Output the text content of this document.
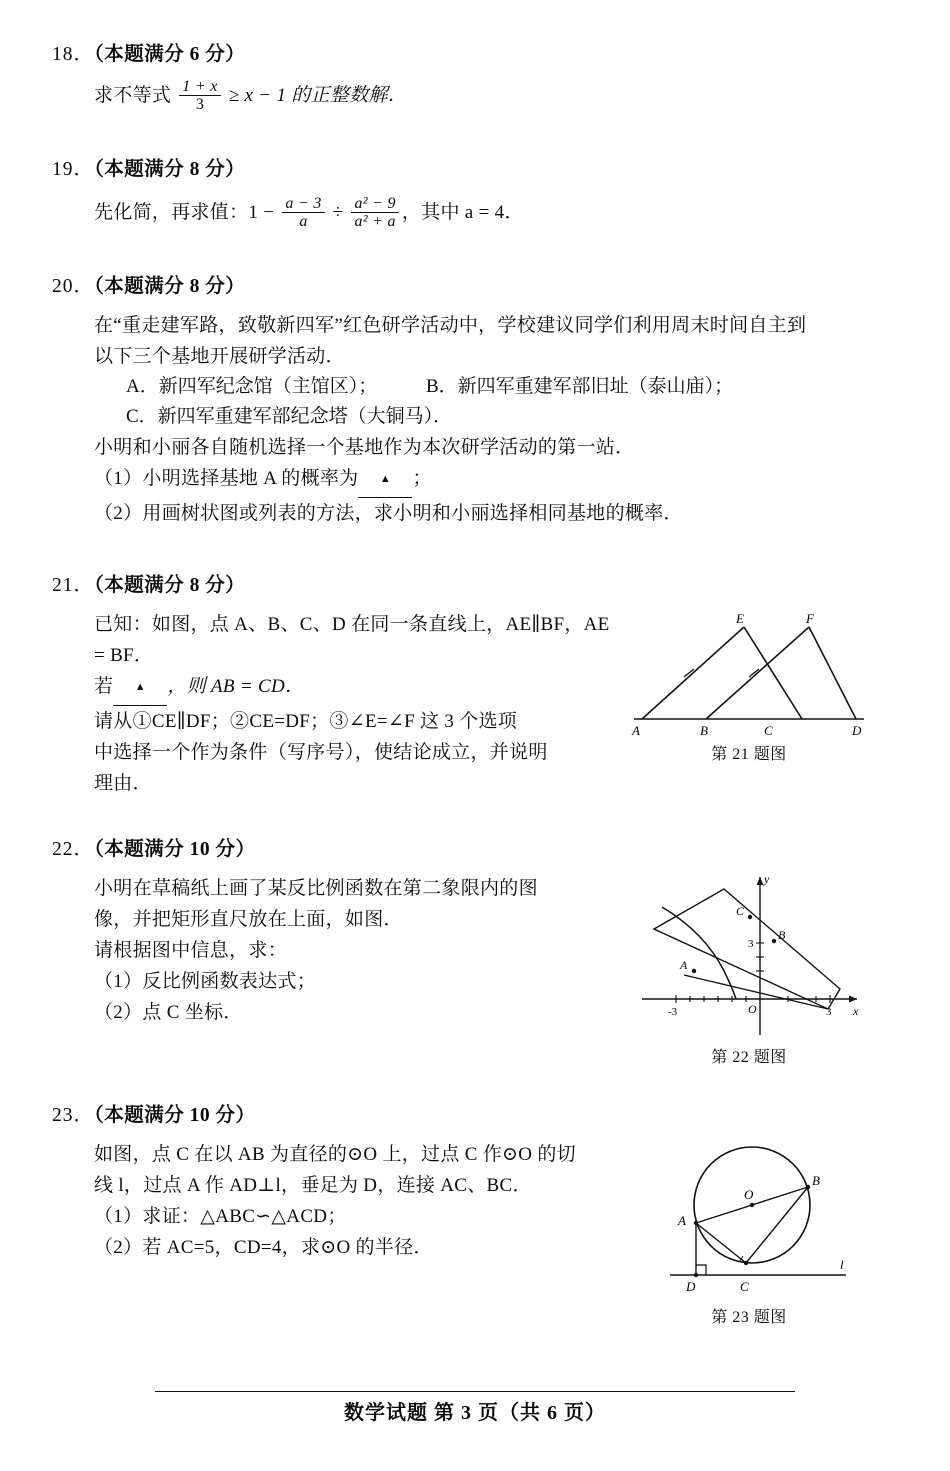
18．（本题满分 6 分）
求不等式 $\frac{1 + x}{3} \ge x - 1$ 的正整数解．
19．（本题满分 8 分）
先化简，再求值：$1 - \frac{a - 3}{a} \div \frac{\text{a² − 9}}{\text{a² + a}}$ ，其中 a = 4．
20．（本题满分 8 分）
在“重走建军路，致敬新四军”红色研学活动中，学校建议同学们利用周末时间自主到
以下三个基地开展研学活动．
A．新四军纪念馆（主馆区）；	B．新四军重建军部旧址（泰山庙）；
C．新四军重建军部纪念塔（大铜马）．
小明和小丽各自随机选择一个基地作为本次研学活动的第一站．
（1）小明选择基地 A 的概率为 ▲	；
（2）用画树状图或列表的方法，求小明和小丽选择相同基地的概率．
21．（本题满分 8 分）
已知：如图，点 A、B、C、D 在同一条直线上，AE∥BF，AE = BF．
若 ▲	，则 AB = CD．
请从①CE∥DF；②CE=DF；③∠E=∠F 这 3 个选项
中选择一个作为条件（写序号），使结论成立，并说明
理由．
A	B	C	D
E	F
第 21 题图
22．（本题满分 10 分）
小明在草稿纸上画了某反比例函数在第二象限内的图
像，并把矩形直尺放在上面，如图．
请根据图中信息，求：
（1）反比例函数表达式；
（2）点 C 坐标．
y
x
O
-3	3
3
A
B
C
第 22 题图
23．（本题满分 10 分）
如图，点 C 在以 AB 为直径的⊙O 上，过点 C 作⊙O 的切
线 l，过点 A 作 AD⊥l，垂足为 D，连接 AC、BC．
（1）求证：△ABC∽△ACD；
（2）若 AC=5，CD=4，求⊙O 的半径．
l
O
A
B
C
D
第 23 题图
数学试题 第 3 页（共 6 页）
